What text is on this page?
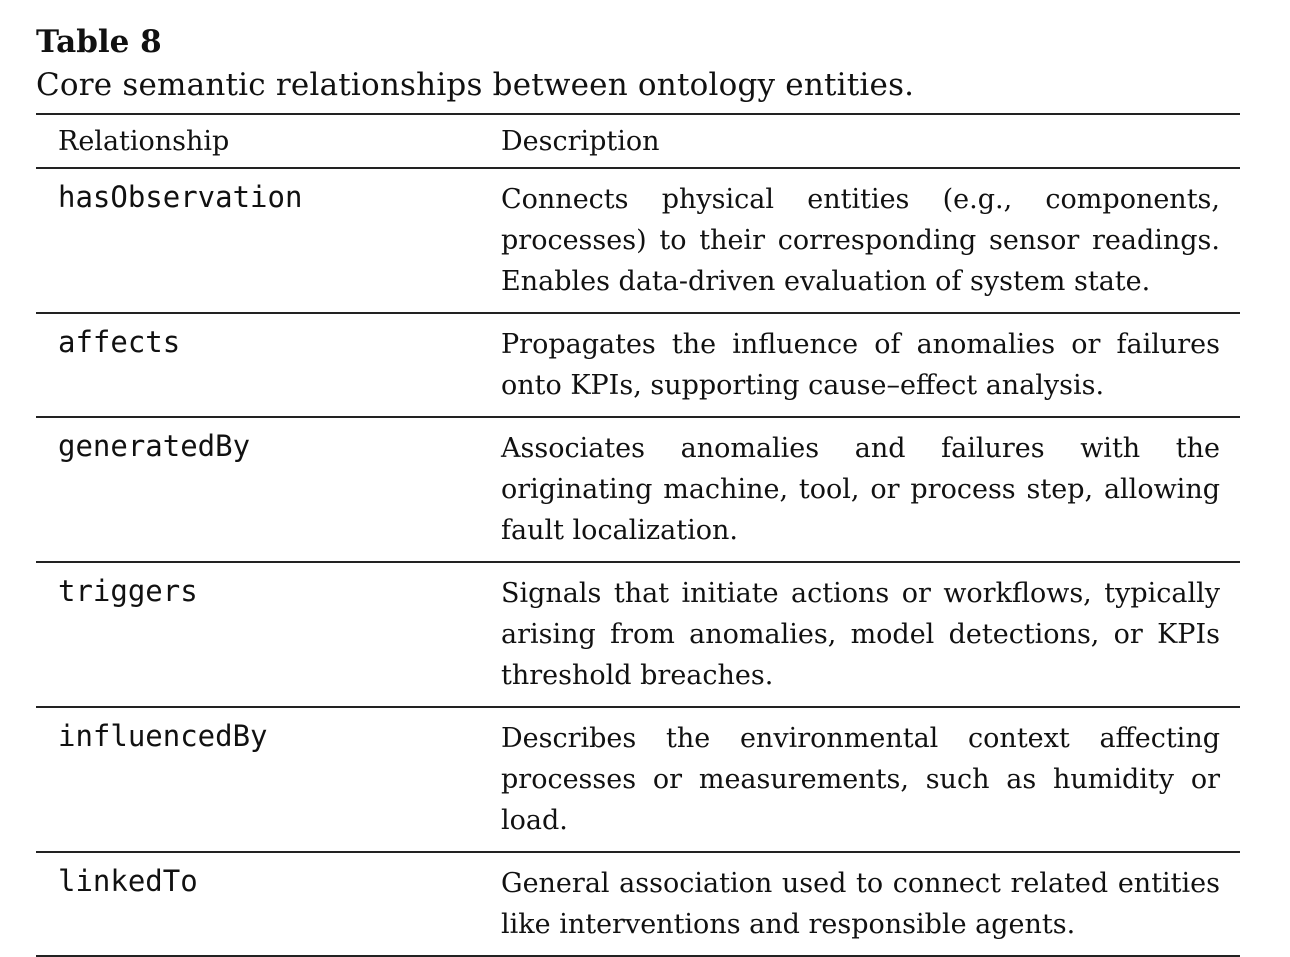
Table 8
Core semantic relationships between ontology entities.
Relationship	Description
hasObservation	Connects physical entities (e.g., components, processes) to their corresponding sensor readings. Enables data-driven evaluation of system state.
affects	Propagates the influence of anomalies or failures onto KPIs, supporting cause–effect analysis.
generatedBy	Associates anomalies and failures with the originating machine, tool, or process step, allowing fault localization.
triggers	Signals that initiate actions or workflows, typically arising from anomalies, model detections, or KPIs threshold breaches.
influencedBy	Describes the environmental context affecting processes or measurements, such as humidity or load.
linkedTo	General association used to connect related entities like interventions and responsible agents.
